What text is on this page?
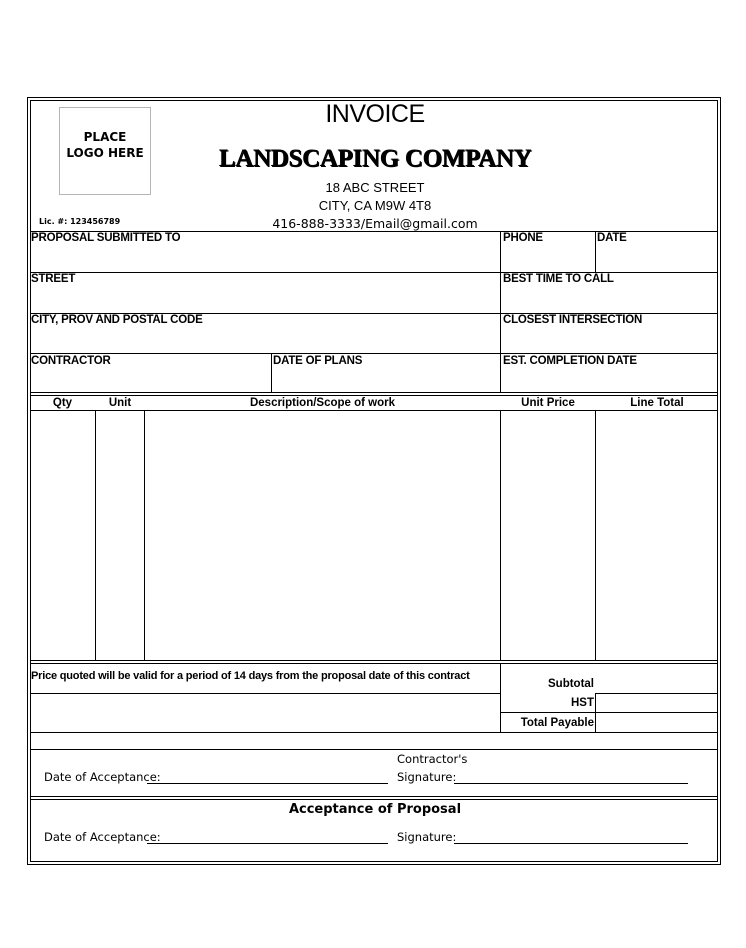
PLACE
LOGO HERE
INVOICE
LANDSCAPING COMPANY
18 ABC STREET
CITY, CA M9W 4T8
416-888-3333/Email@gmail.com
Lic. #: 123456789
PROPOSAL SUBMITTED TO	PHONE	DATE
STREET	BEST TIME TO CALL
CITY, PROV AND POSTAL CODE	CLOSEST INTERSECTION
CONTRACTOR	DATE OF PLANS	EST. COMPLETION DATE
Qty	Unit	Description/Scope of work	Unit Price	Line Total
Price quoted will be valid for a period of 14 days from the proposal date of this contract
Subtotal
HST
Total Payable
Contractor's
Date of Acceptance:	Signature:
Acceptance of Proposal
Date of Acceptance:	Signature:
